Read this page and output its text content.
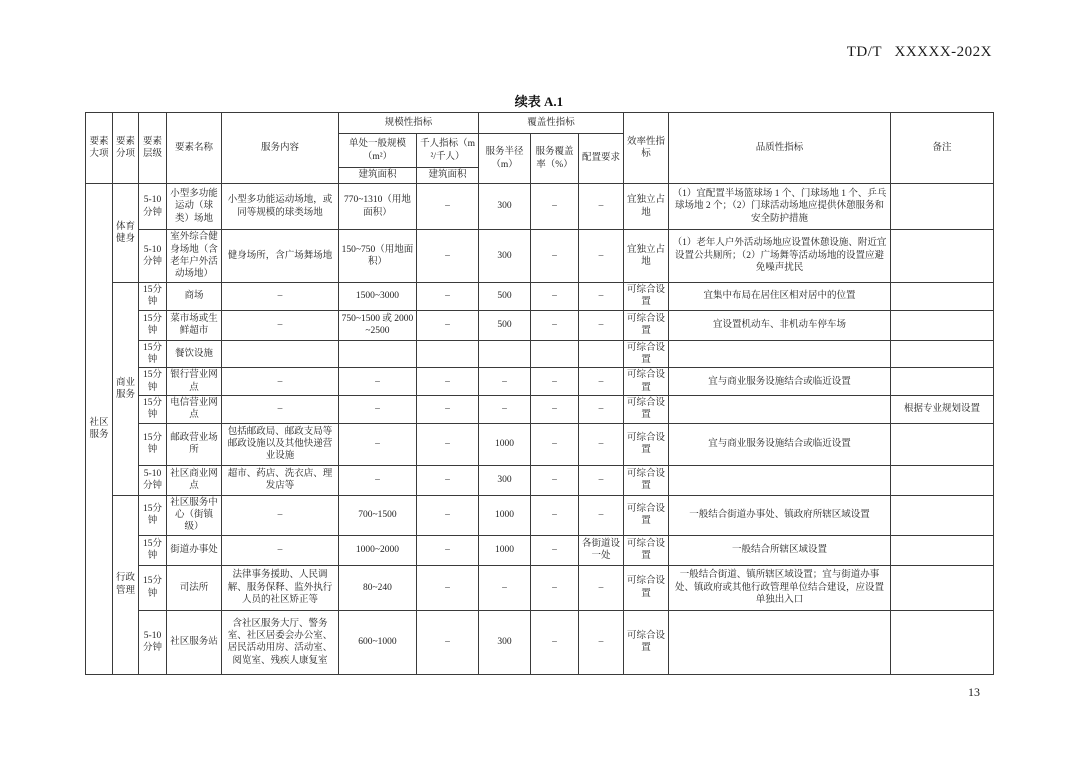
TD/T   XXXXX-202X
续表 A.1
要素大项	要素分项	要素层级	要素名称	服务内容	规模性指标		覆盖性指标			效率性指标	品质性指标	备注
					单处一般规模（m²）	千人指标（m²/千人）	服务半径（m）	服务覆盖率（%）	配置要求			
					建筑面积	建筑面积						
社区服务	体育健身	5-10分钟	小型多功能运动（球类）场地	小型多功能运动场地，或同等规模的球类场地	770~1310（用地面积）	–	300	–	–	宜独立占地	（1）宜配置半场篮球场 1 个、门球场地 1 个、乒乓球场地 2 个；（2）门球活动场地应提供休憩服务和安全防护措施	
		5-10分钟	室外综合健身场地（含老年户外活动场地）	健身场所，含广场舞场地	150~750（用地面积）	–	300	–	–	宜独立占地	（1）老年人户外活动场地应设置休憩设施、附近宜设置公共厕所；（2）广场舞等活动场地的设置应避免噪声扰民	
	商业服务	15分钟	商场	–	1500~3000	–	500	–	–	可综合设置	宜集中布局在居住区相对居中的位置	
		15分钟	菜市场或生鲜超市	–	750~1500 或 2000~2500	–	500	–	–	可综合设置	宜设置机动车、非机动车停车场	
		15分钟	餐饮设施							可综合设置		
		15分钟	银行营业网点	–	–	–	–	–	–	可综合设置	宜与商业服务设施结合或临近设置	
		15分钟	电信营业网点	–	–	–	–	–	–	可综合设置		根据专业规划设置
		15分钟	邮政营业场所	包括邮政局、邮政支局等邮政设施以及其他快递营业设施	–	–	1000	–	–	可综合设置	宜与商业服务设施结合或临近设置	
		5-10分钟	社区商业网点	超市、药店、洗衣店、理发店等	–	–	300	–	–	可综合设置		
	行政管理	15分钟	社区服务中心（街镇级）	–	700~1500	–	1000	–	–	可综合设置	一般结合街道办事处、镇政府所辖区域设置	
		15分钟	街道办事处	–	1000~2000	–	1000	–	各街道设一处	可综合设置	一般结合所辖区域设置	
		15分钟	司法所	法律事务援助、人民调解、服务保释、监外执行人员的社区矫正等	80~240	–	–	–	–	可综合设置	一般结合街道、镇所辖区域设置；宜与街道办事处、镇政府或其他行政管理单位结合建设，应设置单独出入口	
		5-10分钟	社区服务站	含社区服务大厅、警务室、社区居委会办公室、居民活动用房、活动室、阅览室、残疾人康复室	600~1000	–	300	–	–	可综合设置		
13
